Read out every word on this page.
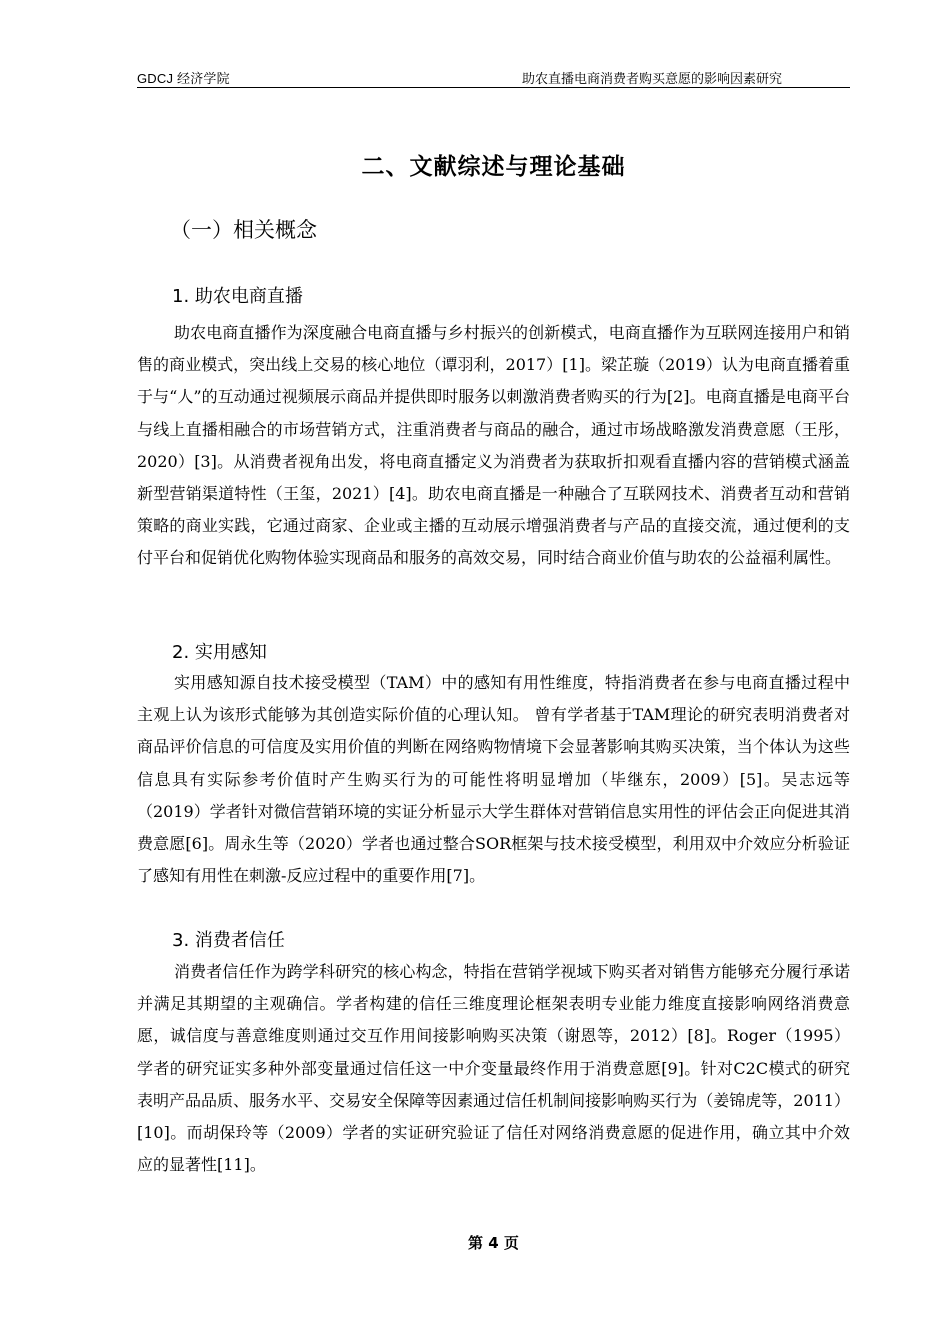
GDCJ 经济学院	助农直播电商消费者购买意愿的影响因素研究
二、文献综述与理论基础
（一）相关概念
1. 助农电商直播

助农电商直播作为深度融合电商直播与乡村振兴的创新模式，电商直播作为互联网连接用户和销售的商业模式，突出线上交易的核心地位（谭羽利，2017）[1]。梁芷璇（2019）认为电商直播着重于与“人”的互动通过视频展示商品并提供即时服务以刺激消费者购买的行为[2]。电商直播是电商平台与线上直播相融合的市场营销方式，注重消费者与商品的融合，通过市场战略激发消费意愿（王彤，2020）[3]。从消费者视角出发，将电商直播定义为消费者为获取折扣观看直播内容的营销模式涵盖新型营销渠道特性（王玺，2021）[4]。助农电商直播是一种融合了互联网技术、消费者互动和营销策略的商业实践，它通过商家、企业或主播的互动展示增强消费者与产品的直接交流，通过便利的支付平台和促销优化购物体验实现商品和服务的高效交易，同时结合商业价值与助农的公益福利属性。

2. 实用感知

实用感知源自技术接受模型（TAM）中的感知有用性维度，特指消费者在参与电商直播过程中主观上认为该形式能够为其创造实际价值的心理认知。 曾有学者基于TAM理论的研究表明消费者对商品评价信息的可信度及实用价值的判断在网络购物情境下会显著影响其购买决策，当个体认为这些信息具有实际参考价值时产生购买行为的可能性将明显增加（毕继东，2009）[5]。吴志远等（2019）学者针对微信营销环境的实证分析显示大学生群体对营销信息实用性的评估会正向促进其消费意愿[6]。周永生等（2020）学者也通过整合SOR框架与技术接受模型，利用双中介效应分析验证了感知有用性在刺激-反应过程中的重要作用[7]。

3. 消费者信任

消费者信任作为跨学科研究的核心构念，特指在营销学视域下购买者对销售方能够充分履行承诺并满足其期望的主观确信。学者构建的信任三维度理论框架表明专业能力维度直接影响网络消费意愿，诚信度与善意维度则通过交互作用间接影响购买决策（谢恩等，2012）[8]。Roger（1995）学者的研究证实多种外部变量通过信任这一中介变量最终作用于消费意愿[9]。针对C2C模式的研究表明产品品质、服务水平、交易安全保障等因素通过信任机制间接影响购买行为（姜锦虎等，2011）[10]。而胡保玲等（2009）学者的实证研究验证了信任对网络消费意愿的促进作用，确立其中介效应的显著性[11]。

第 4 页
